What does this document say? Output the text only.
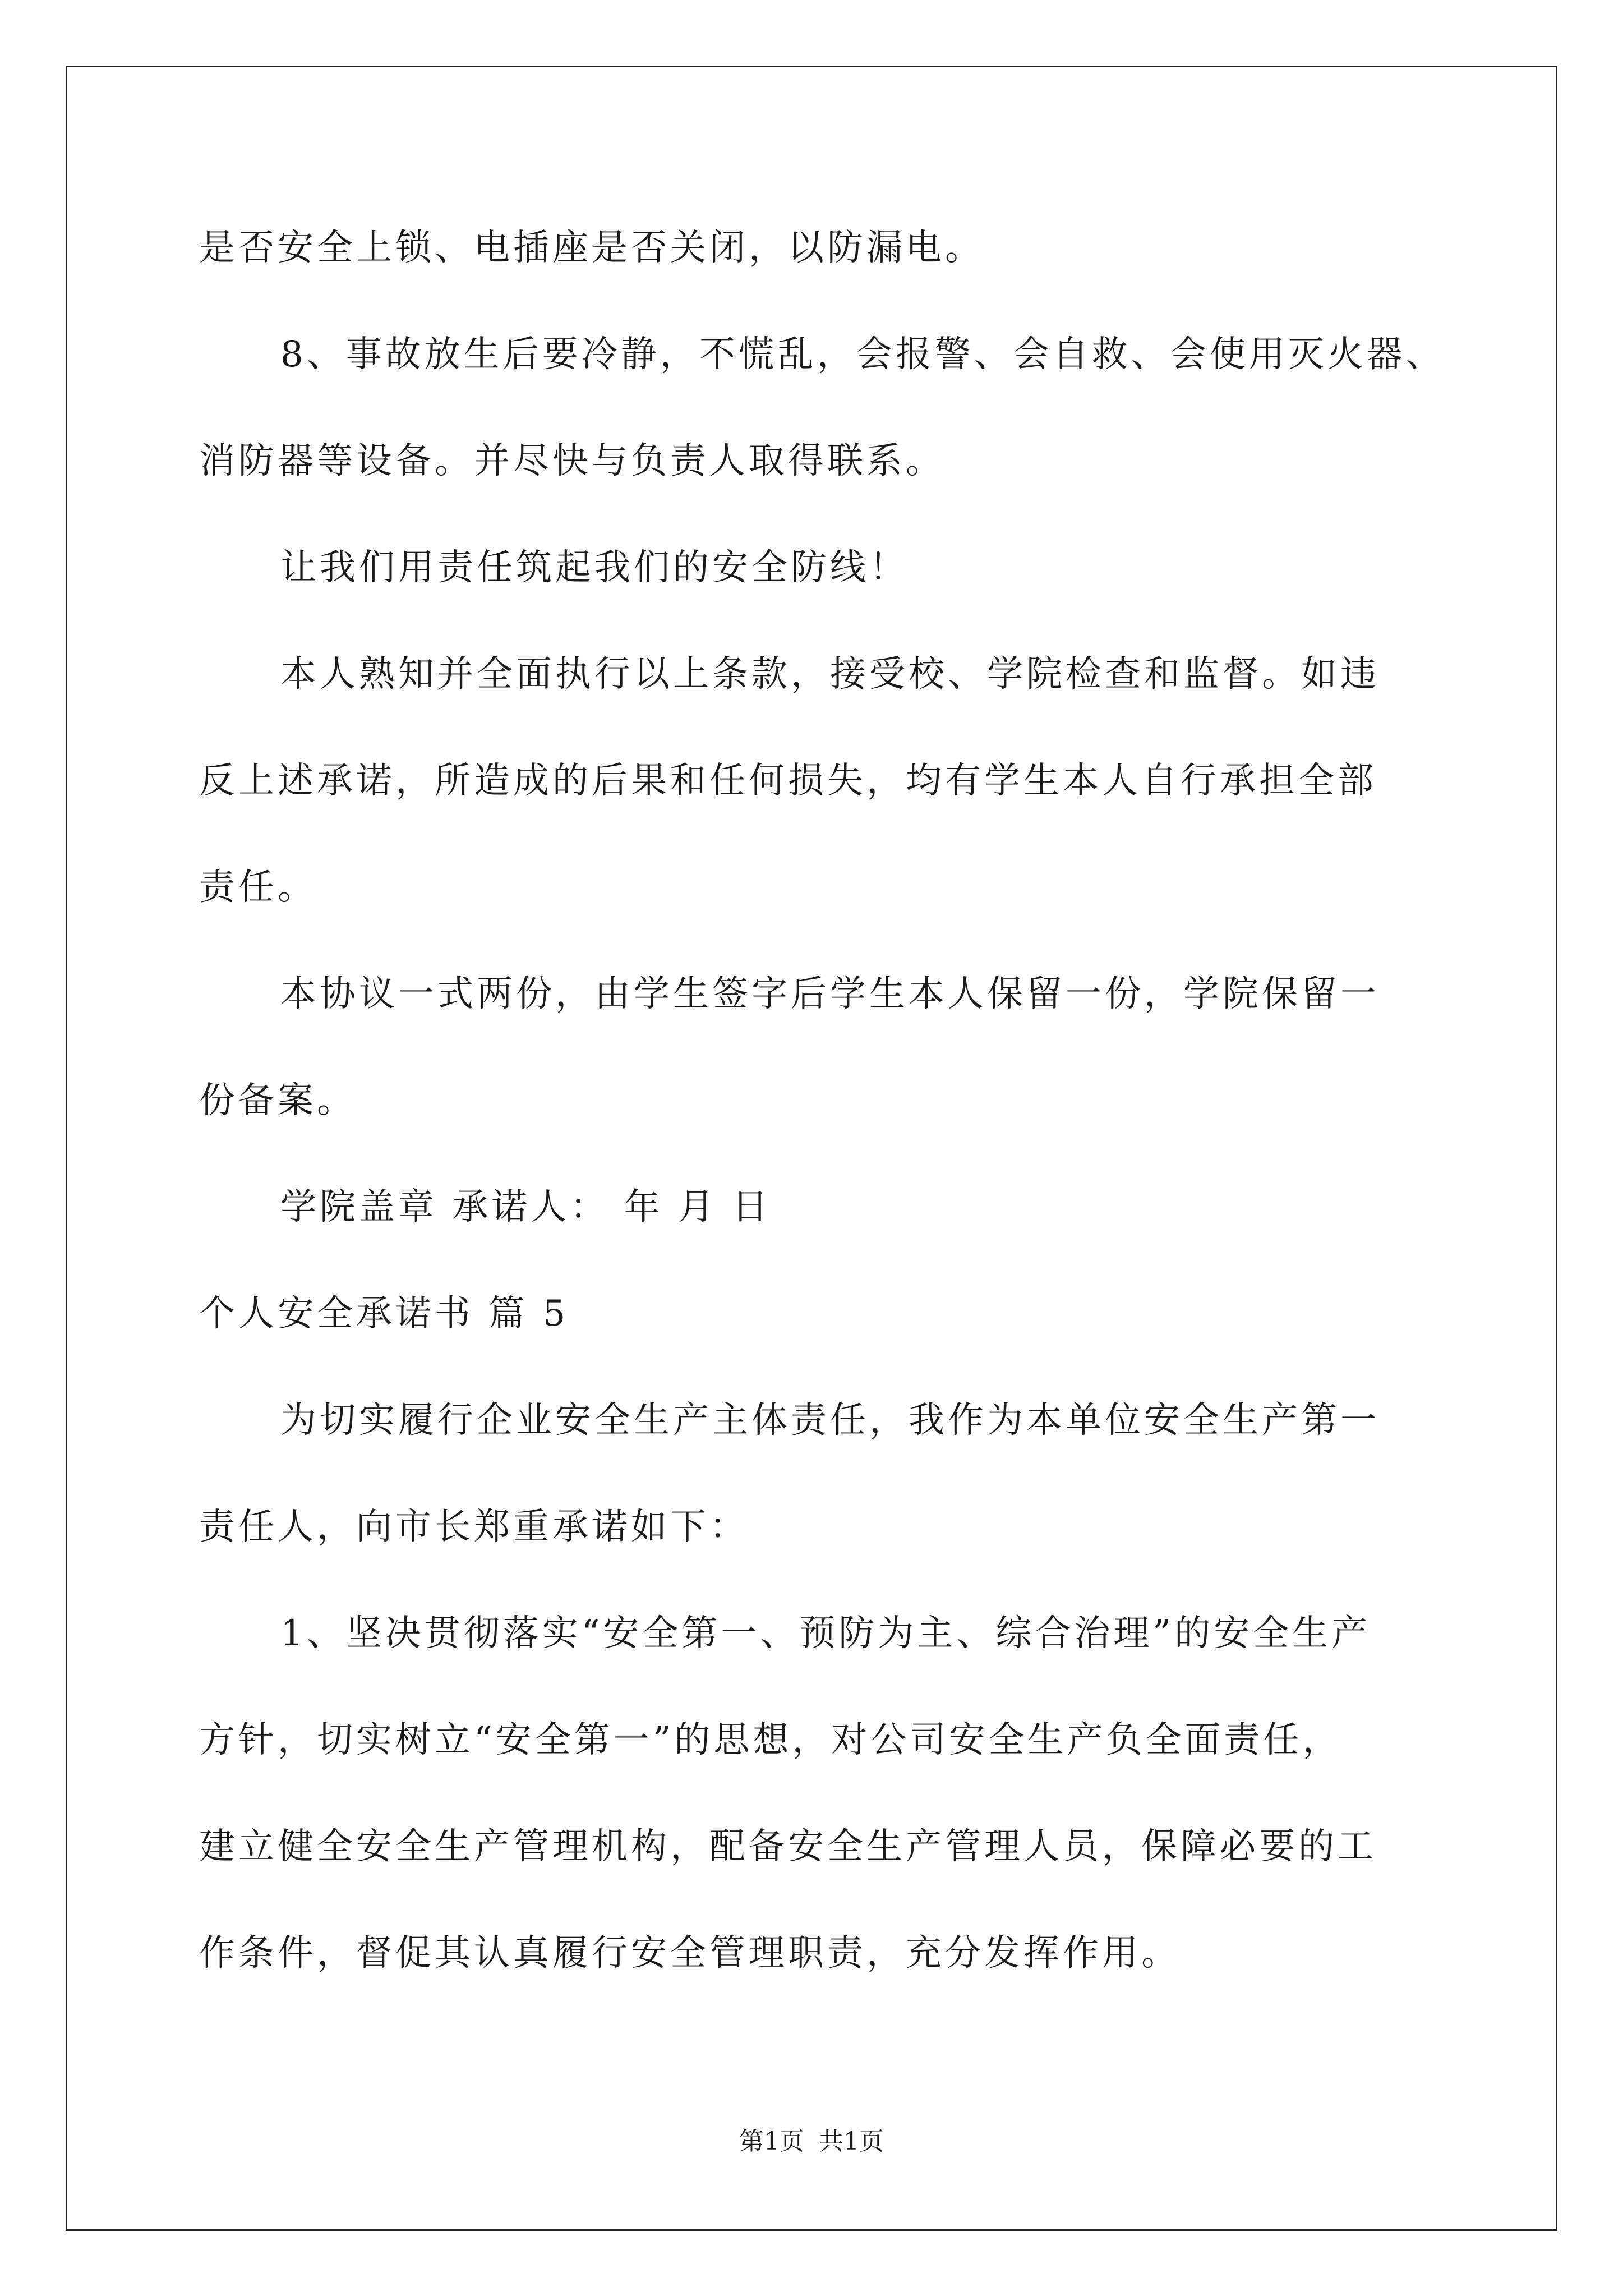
是否安全上锁、电插座是否关闭，以防漏电。
8、事故放生后要冷静，不慌乱，会报警、会自救、会使用灭火器、
消防器等设备。并尽快与负责人取得联系。
让我们用责任筑起我们的安全防线！
本人熟知并全面执行以上条款，接受校、学院检查和监督。如违
反上述承诺，所造成的后果和任何损失，均有学生本人自行承担全部
责任。
本协议一式两份，由学生签字后学生本人保留一份，学院保留一
份备案。
学院盖章 承诺人： 年 月 日
个人安全承诺书 篇 5
为切实履行企业安全生产主体责任，我作为本单位安全生产第一
责任人，向市长郑重承诺如下：
1、坚决贯彻落实“安全第一、预防为主、综合治理”的安全生产
方针，切实树立“安全第一”的思想，对公司安全生产负全面责任，
建立健全安全生产管理机构，配备安全生产管理人员，保障必要的工
作条件，督促其认真履行安全管理职责，充分发挥作用。
第1页 共1页
